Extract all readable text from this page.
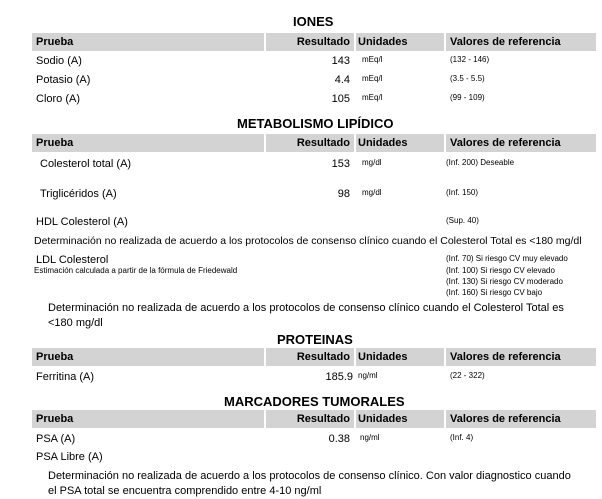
IONES
Prueba	Resultado Unidades	Valores de referencia
Sodio (A)	143 mEq/l	(132 - 146)
Potasio (A)	4.4 mEq/l	(3.5 - 5.5)
Cloro (A)	105 mEq/l	(99 - 109)
METABOLISMO LIPÍDICO
Prueba	Resultado Unidades	Valores de referencia
Colesterol total (A)	153 mg/dl	(Inf. 200) Deseable
Triglicéridos (A)	98 mg/dl	(Inf. 150)
HDL Colesterol (A)	(Sup. 40)
Determinación no realizada de acuerdo a los protocolos de consenso clínico cuando el Colesterol Total es <180 mg/dl
LDL Colesterol
Estimación calculada a partir de la fórmula de Friedewald
(Inf. 70) Si riesgo CV muy elevado
(Inf. 100) Si riesgo CV elevado
(Inf. 130) Si riesgo CV moderado
(Inf. 160) Si riesgo CV bajo
Determinación no realizada de acuerdo a los protocolos de consenso clínico cuando el Colesterol Total es <180 mg/dl
PROTEINAS
Prueba	Resultado Unidades	Valores de referencia
Ferritina (A)	185.9 ng/ml	(22 - 322)
MARCADORES TUMORALES
Prueba	Resultado Unidades	Valores de referencia
PSA (A)	0.38 ng/ml	(Inf. 4)
PSA Libre (A)
Determinación no realizada de acuerdo a los protocolos de consenso clínico. Con valor diagnostico cuando el PSA total se encuentra comprendido entre 4-10 ng/ml
